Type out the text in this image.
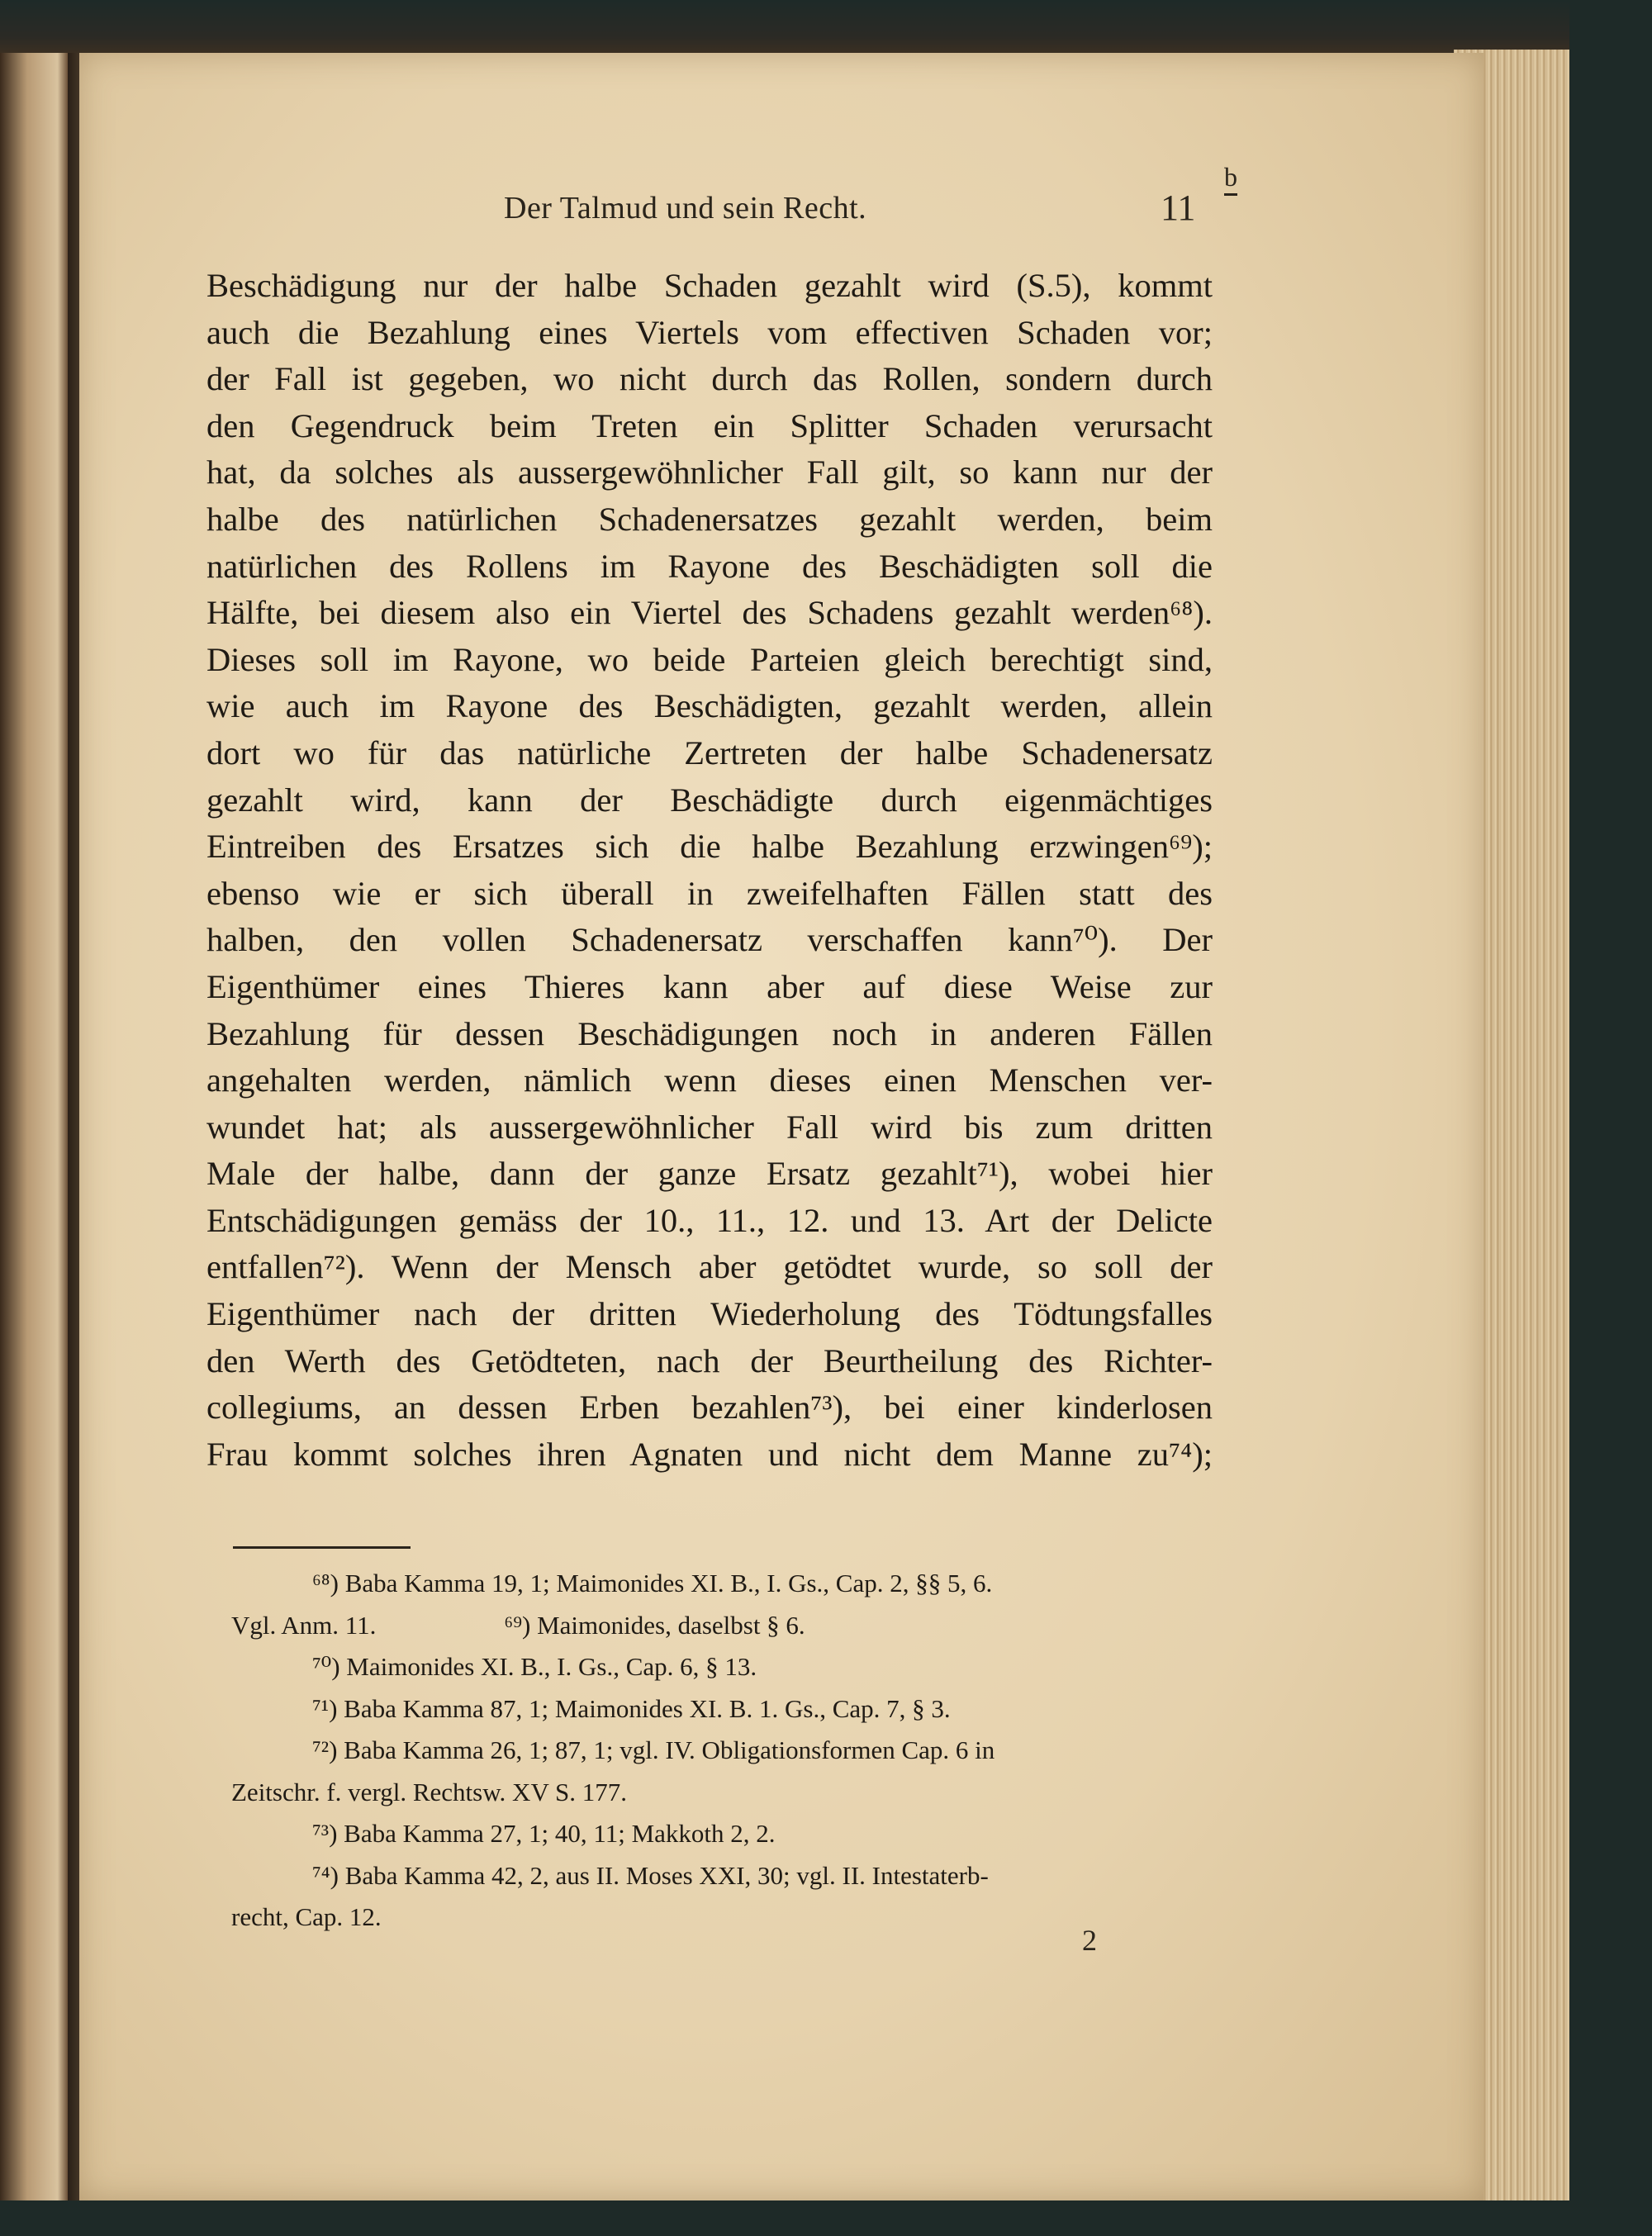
Der Talmud und sein Recht.	11
b
Beschädigung nur der halbe Schaden gezahlt wird (S.5), kommt
auch die Bezahlung eines Viertels vom effectiven Schaden vor;
der Fall ist gegeben, wo nicht durch das Rollen, sondern durch
den Gegendruck beim Treten ein Splitter Schaden verursacht
hat, da solches als aussergewöhnlicher Fall gilt, so kann nur der
halbe des natürlichen Schadenersatzes gezahlt werden, beim
natürlichen des Rollens im Rayone des Beschädigten soll die
Hälfte, bei diesem also ein Viertel des Schadens gezahlt werden⁶⁸).
Dieses soll im Rayone, wo beide Parteien gleich berechtigt sind,
wie auch im Rayone des Beschädigten, gezahlt werden, allein
dort wo für das natürliche Zertreten der halbe Schadenersatz
gezahlt wird, kann der Beschädigte durch eigenmächtiges
Eintreiben des Ersatzes sich die halbe Bezahlung erzwingen⁶⁹);
ebenso wie er sich überall in zweifelhaften Fällen statt des
halben, den vollen Schadenersatz verschaffen kann⁷⁰). Der
Eigenthümer eines Thieres kann aber auf diese Weise zur
Bezahlung für dessen Beschädigungen noch in anderen Fällen
angehalten werden, nämlich wenn dieses einen Menschen ver-
wundet hat; als aussergewöhnlicher Fall wird bis zum dritten
Male der halbe, dann der ganze Ersatz gezahlt⁷¹), wobei hier
Entschädigungen gemäss der 10., 11., 12. und 13. Art der Delicte
entfallen⁷²). Wenn der Mensch aber getödtet wurde, so soll der
Eigenthümer nach der dritten Wiederholung des Tödtungsfalles
den Werth des Getödteten, nach der Beurtheilung des Richter-
collegiums, an dessen Erben bezahlen⁷³), bei einer kinderlosen
Frau kommt solches ihren Agnaten und nicht dem Manne zu⁷⁴);
⁶⁸) Baba Kamma 19, 1; Maimonides XI. B., I. Gs., Cap. 2, §§ 5, 6.
Vgl. Anm. 11.                    ⁶⁹) Maimonides, daselbst § 6.
⁷⁰) Maimonides XI. B., I. Gs., Cap. 6, § 13.
⁷¹) Baba Kamma 87, 1; Maimonides XI. B. 1. Gs., Cap. 7, § 3.
⁷²) Baba Kamma 26, 1; 87, 1; vgl. IV. Obligationsformen Cap. 6 in
Zeitschr. f. vergl. Rechtsw. XV S. 177.
⁷³) Baba Kamma 27, 1; 40, 11; Makkoth 2, 2.
⁷⁴) Baba Kamma 42, 2, aus II. Moses XXI, 30; vgl. II. Intestaterb-
recht, Cap. 12.
2
